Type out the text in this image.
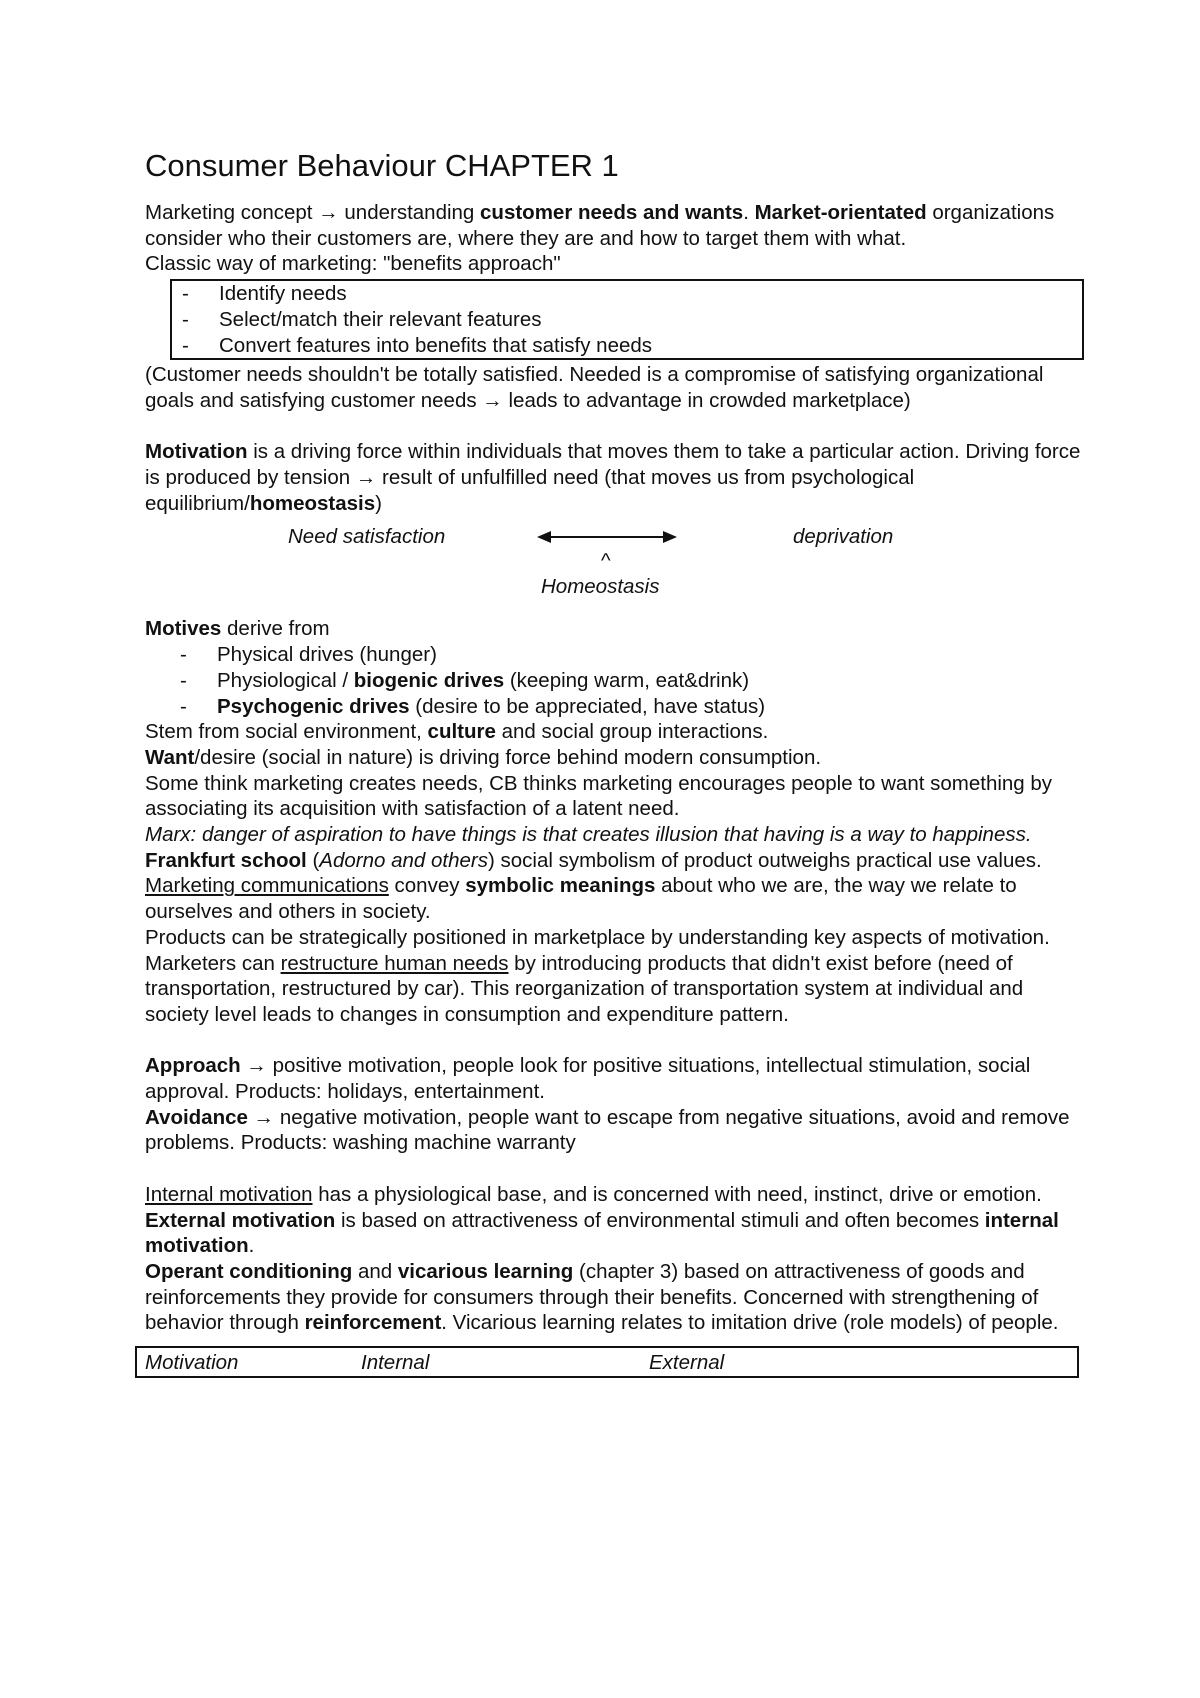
Consumer Behaviour CHAPTER 1

Marketing concept → understanding customer needs and wants. Market-orientated organizations consider who their customers are, where they are and how to target them with what.

Classic way of marketing: "benefits approach"

-	Identify needs
-	Select/match their relevant features
-	Convert features into benefits that satisfy needs

(Customer needs shouldn't be totally satisfied. Needed is a compromise of satisfying organizational goals and satisfying customer needs → leads to advantage in crowded marketplace)

Motivation is a driving force within individuals that moves them to take a particular action. Driving force is produced by tension → result of unfulfilled need (that moves us from psychological equilibrium/homeostasis)

Need satisfaction	deprivation
^
Homeostasis

Motives derive from

-	Physical drives (hunger)
-	Physiological / biogenic drives (keeping warm, eat&drink)
-	Psychogenic drives (desire to be appreciated, have status)

Stem from social environment, culture and social group interactions.

Want/desire (social in nature) is driving force behind modern consumption.

Some think marketing creates needs, CB thinks marketing encourages people to want something by associating its acquisition with satisfaction of a latent need.

Marx: danger of aspiration to have things is that creates illusion that having is a way to happiness.

Frankfurt school (Adorno and others) social symbolism of product outweighs practical use values. Marketing communications convey symbolic meanings about who we are, the way we relate to ourselves and others in society.

Products can be strategically positioned in marketplace by understanding key aspects of motivation.

Marketers can restructure human needs by introducing products that didn't exist before (need of transportation, restructured by car). This reorganization of transportation system at individual and society level leads to changes in consumption and expenditure pattern.

Approach → positive motivation, people look for positive situations, intellectual stimulation, social approval. Products: holidays, entertainment.

Avoidance → negative motivation, people want to escape from negative situations, avoid and remove problems. Products: washing machine warranty

Internal motivation has a physiological base, and is concerned with need, instinct, drive or emotion. External motivation is based on attractiveness of environmental stimuli and often becomes internal motivation.

Operant conditioning and vicarious learning (chapter 3) based on attractiveness of goods and reinforcements they provide for consumers through their benefits. Concerned with strengthening of behavior through reinforcement. Vicarious learning relates to imitation drive (role models) of people.

Motivation	Internal	External
